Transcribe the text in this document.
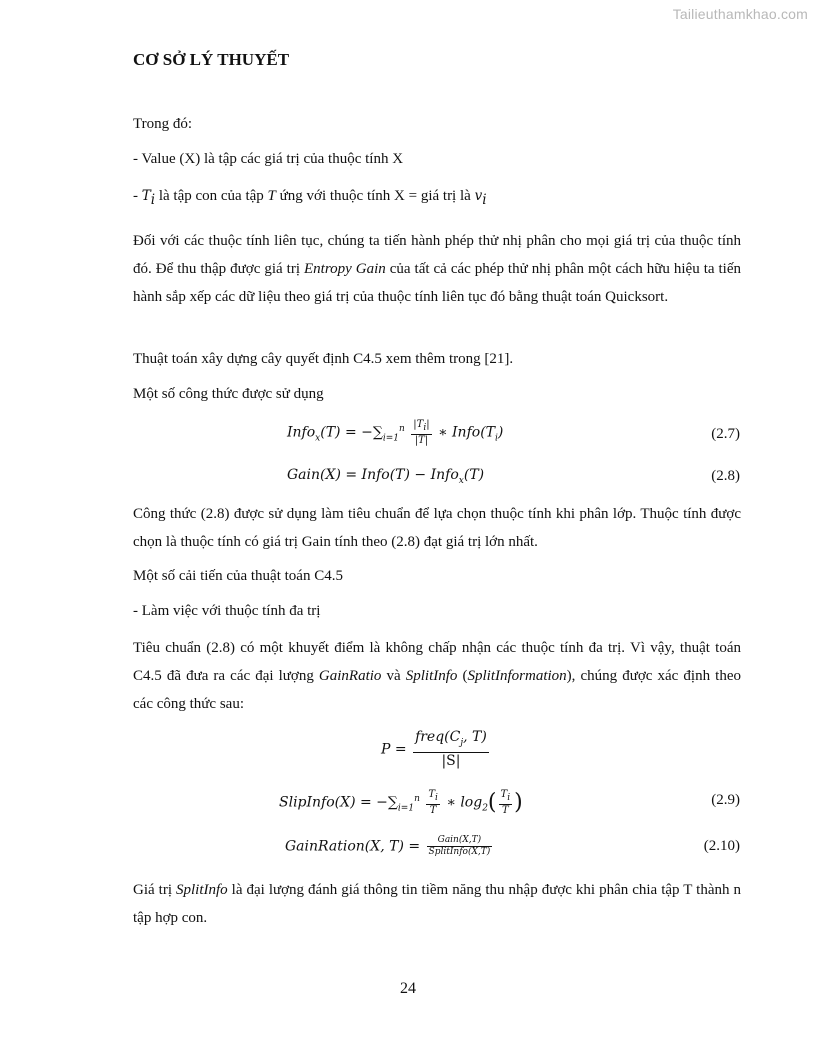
Tailieuthamkhao.com
CƠ SỞ LÝ THUYẾT

Trong đó:

- Value (X) là tập các giá trị của thuộc tính X

- $T_i$ là tập con của tập T ứng với thuộc tính X = giá trị là $v_i$

Đối với các thuộc tính liên tục, chúng ta tiến hành phép thử nhị phân cho mọi giá trị của thuộc tính đó. Để thu thập được giá trị Entropy Gain của tất cả các phép thử nhị phân một cách hữu hiệu ta tiến hành sắp xếp các dữ liệu theo giá trị của thuộc tính liên tục đó bằng thuật toán Quicksort.

Thuật toán xây dựng cây quyết định C4.5 xem thêm trong [21].

Một số công thức được sử dụng

Info$_x$(T) = $-\sum_{i=1}^n \frac{|T_i|}{|T|}$ ∗ $Info(T_i)$	(2.7)

Gain(X) = Info(T) − Info$_x$(T)	(2.8)

Công thức (2.8) được sử dụng làm tiêu chuẩn để lựa chọn thuộc tính khi phân lớp. Thuộc tính được chọn là thuộc tính có giá trị Gain tính theo (2.8) đạt giá trị lớn nhất.

Một số cải tiến của thuật toán C4.5

- Làm việc với thuộc tính đa trị

Tiêu chuẩn (2.8) có một khuyết điểm là không chấp nhận các thuộc tính đa trị. Vì vậy, thuật toán C4.5 đã đưa ra các đại lượng GainRatio và SplitInfo (SplitInformation), chúng được xác định theo các công thức sau:

$P = \frac{freq(C_j, T)}{|S|}$
SlipInfo(X) = $-\sum_{i=1}^n \frac{T_i}{T}$ ∗ $\log_2( \frac{T_i}{T}$ )	(2.9)

GainRation(X, $T) = \frac{\text{Gain(X,T)}}{\text{SplitInfo(X,T)}}$	(2.10)

Giá trị SplitInfo là đại lượng đánh giá thông tin tiềm năng thu nhập được khi phân chia tập T thành n tập hợp con.

24
